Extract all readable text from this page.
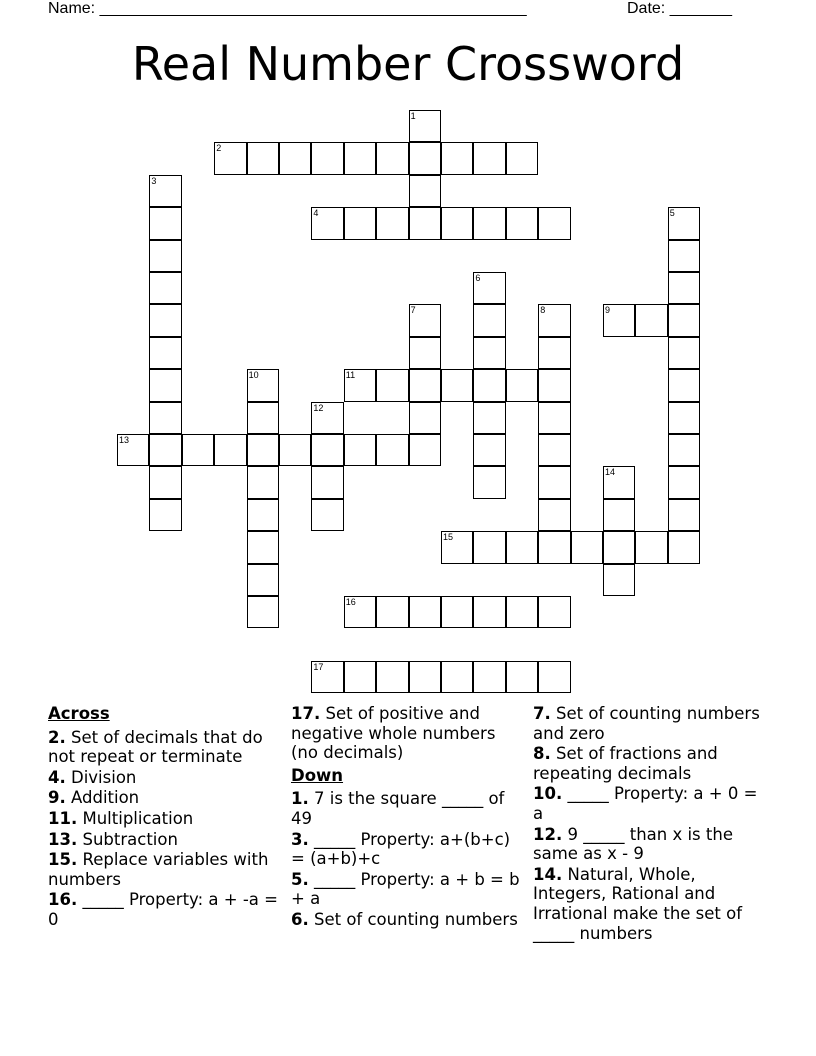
Name: ________________________________________________	Date: _______
Real Number Crossword
2
4
9
11
13
15
16
17
1
3
5
6
7	8
10
12
14
Across
2. Set of decimals that do not repeat or terminate
4. Division
9. Addition
11. Multiplication
13. Subtraction
15. Replace variables with numbers
16. _____ Property: a + -a = 0
17. Set of positive and negative whole numbers (no decimals)
Down
1. 7 is the square _____ of 49
3. _____ Property: a+(b+c) = (a+b)+c
5. _____ Property: a + b = b + a
6. Set of counting numbers
7. Set of counting numbers and zero
8. Set of fractions and repeating decimals
10. _____ Property: a + 0 = a
12. 9 _____ than x is the same as x - 9
14. Natural, Whole, Integers, Rational and Irrational make the set of _____ numbers
